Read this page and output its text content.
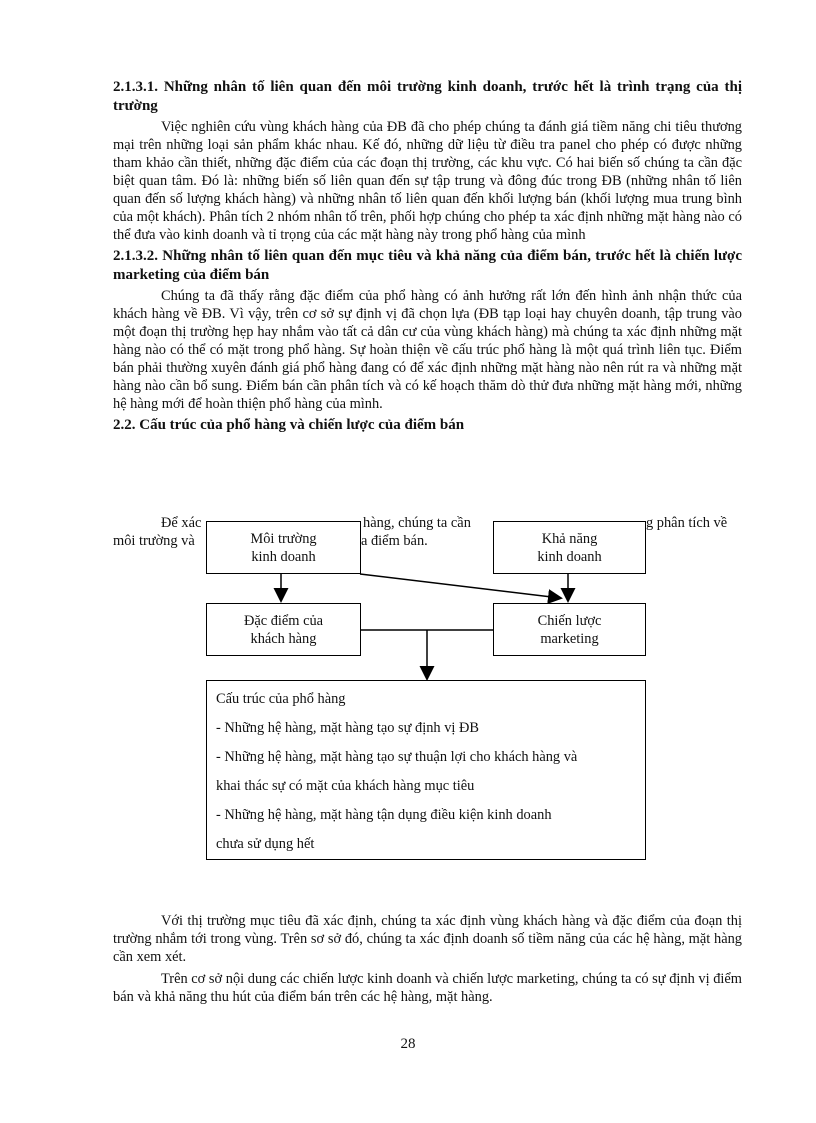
2.1.3.1. Những nhân tố liên quan đến môi trường kinh doanh, trước hết là trình trạng của thị trường
Việc nghiên cứu vùng khách hàng của ĐB đã cho phép chúng ta đánh giá tiềm năng chi tiêu thương mại trên những loại sản phẩm khác nhau. Kế đó, những dữ liệu từ điều tra panel cho phép có được những tham khảo cần thiết, những đặc điểm của các đoạn thị trường, các khu vực. Có hai biến số chúng ta cần đặc biệt quan tâm. Đó là: những biến số liên quan đến sự tập trung và đông đúc trong ĐB (những nhân tố liên quan đến số lượng khách hàng) và những nhân tố liên quan đến khối lượng bán (khối lượng mua trung bình của một khách). Phân tích 2 nhóm nhân tố trên, phối hợp chúng cho phép ta xác định những mặt hàng nào có thể đưa vào kinh doanh và tỉ trọng của các mặt hàng này trong phổ hàng của mình
2.1.3.2. Những nhân tố liên quan đến mục tiêu và khả năng của điểm bán, trước hết là chiến lược marketing của điểm bán
Chúng ta đã thấy rằng đặc điểm của phổ hàng có ảnh hưởng rất lớn đến hình ảnh nhận thức của khách hàng về ĐB. Vì vậy, trên cơ sở sự định vị đã chọn lựa (ĐB tạp loại hay chuyên doanh, tập trung vào một đoạn thị trường hẹp hay nhắm vào tất cả dân cư của vùng khách hàng) mà chúng ta xác định những mặt hàng nào có thể có mặt trong phổ hàng. Sự hoàn thiện về cấu trúc phổ hàng là một quá trình liên tục. Điểm bán phải thường xuyên đánh giá phổ hàng đang có để xác định những mặt hàng nào nên rút ra và những mặt hàng nào cần bổ sung. Điểm bán cần phân tích và có kế hoạch thăm dò thử đưa những mặt hàng mới, những hệ hàng mới để hoàn thiện phổ hàng của mình.
2.2. Cấu trúc của phổ hàng và chiến lược của điểm bán
Để xác	hàng, chúng ta cần	g phân tích về
môi trường và	a điểm bán.
Môi trường
kinh doanh
Khả năng
kinh doanh
Đặc điểm của
khách hàng
Chiến lược
marketing
Cấu trúc của phổ hàng
- Những hệ hàng, mặt hàng tạo sự định vị ĐB
- Những hệ hàng, mặt hàng tạo sự thuận lợi cho khách hàng và
khai thác sự có mặt của khách hàng mục tiêu
- Những hệ hàng, mặt hàng tận dụng điều kiện kinh doanh
chưa sử dụng hết
Với thị trường mục tiêu đã xác định, chúng ta xác định vùng khách hàng và đặc điểm của đoạn thị trường nhắm tới trong vùng. Trên sơ sở đó, chúng ta xác định doanh số tiềm năng của các hệ hàng, mặt hàng cần xem xét.
Trên cơ sở nội dung các chiến lược kinh doanh và chiến lược marketing, chúng ta có sự định vị điểm bán và khả năng thu hút của điểm bán trên các hệ hàng, mặt hàng.
28
